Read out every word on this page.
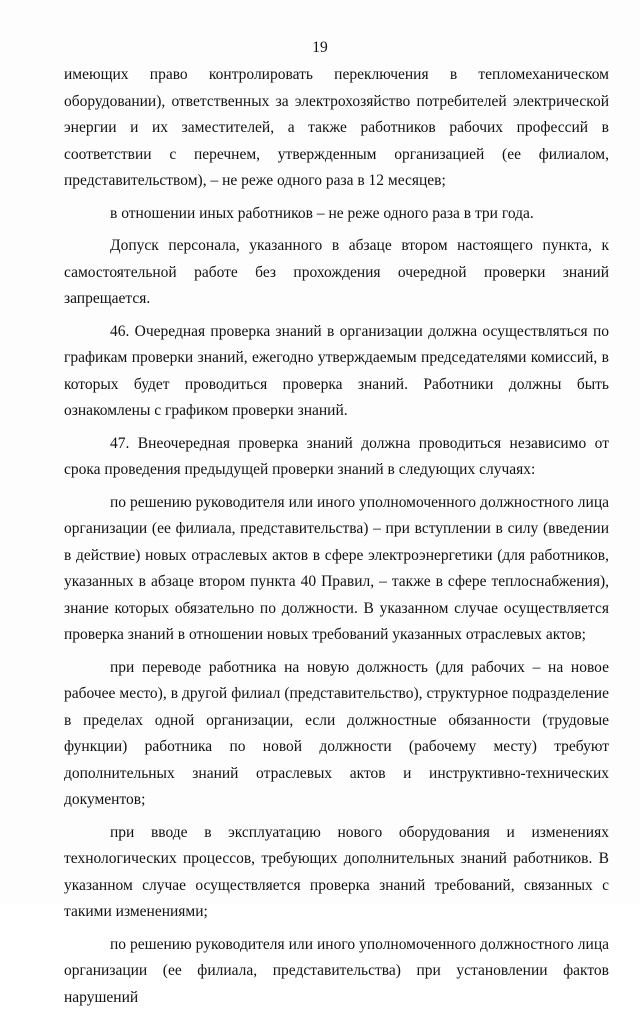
19

имеющих право контролировать переключения в тепломеханическом оборудовании), ответственных за электрохозяйство потребителей электрической энергии и их заместителей, а также работников рабочих профессий в соответствии с перечнем, утвержденным организацией (ее филиалом, представительством), – не реже одного раза в 12 месяцев;

в отношении иных работников – не реже одного раза в три года.

Допуск персонала, указанного в абзаце втором настоящего пункта, к самостоятельной работе без прохождения очередной проверки знаний запрещается.

46. Очередная проверка знаний в организации должна осуществляться по графикам проверки знаний, ежегодно утверждаемым председателями комиссий, в которых будет проводиться проверка знаний. Работники должны быть ознакомлены с графиком проверки знаний.

47. Внеочередная проверка знаний должна проводиться независимо от срока проведения предыдущей проверки знаний в следующих случаях:

по решению руководителя или иного уполномоченного должностного лица организации (ее филиала, представительства) – при вступлении в силу (введении в действие) новых отраслевых актов в сфере электроэнергетики (для работников, указанных в абзаце втором пункта 40 Правил, – также в сфере теплоснабжения), знание которых обязательно по должности. В указанном случае осуществляется проверка знаний в отношении новых требований указанных отраслевых актов;

при переводе работника на новую должность (для рабочих – на новое рабочее место), в другой филиал (представительство), структурное подразделение в пределах одной организации, если должностные обязанности (трудовые функции) работника по новой должности (рабочему месту) требуют дополнительных знаний отраслевых актов и инструктивно-технических документов;

при вводе в эксплуатацию нового оборудования и изменениях технологических процессов, требующих дополнительных знаний работников. В указанном случае осуществляется проверка знаний требований, связанных с такими изменениями;

по решению руководителя или иного уполномоченного должностного лица организации (ее филиала, представительства) при установлении фактов нарушений
